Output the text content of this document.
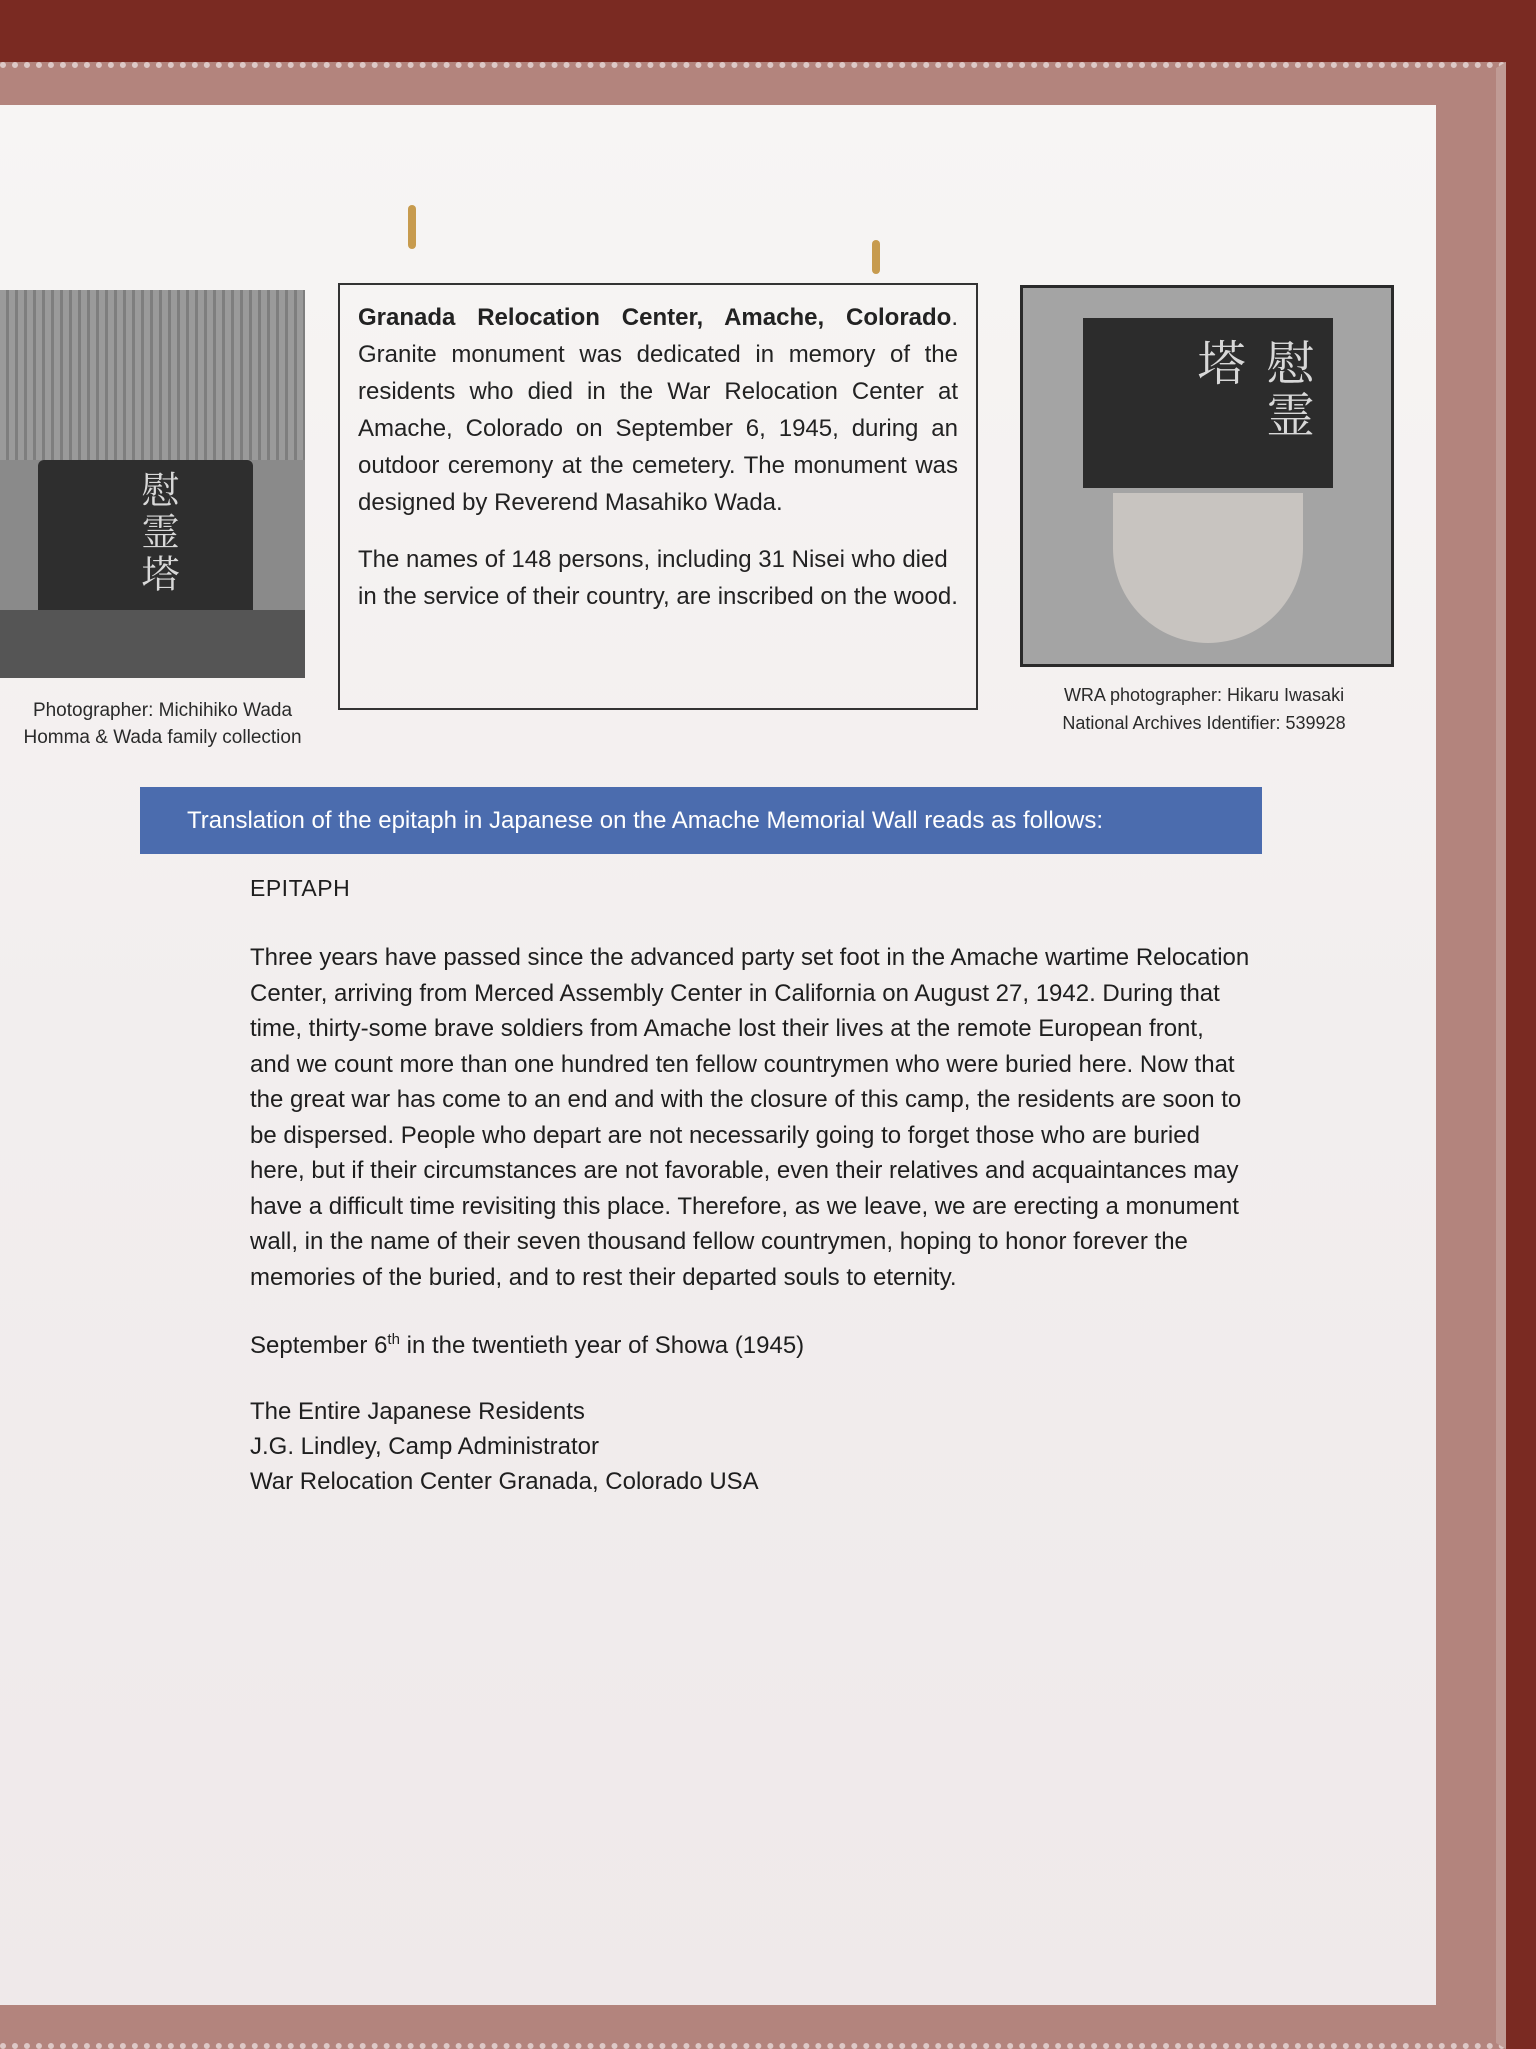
慰霊塔
Photographer: Michihiko Wada
Homma & Wada family collection

Granada Relocation Center, Amache, Colorado. Granite monument was dedicated in memory of the residents who died in the War Relocation Center at Amache, Colorado on September 6, 1945, during an outdoor ceremony at the cemetery. The monument was designed by Reverend Masahiko Wada.

The names of 148 persons, including 31 Nisei who died in the service of their country, are inscribed on the wood.

慰霊塔
WRA photographer: Hikaru Iwasaki
National Archives Identifier: 539928
Translation of the epitaph in Japanese on the Amache Memorial Wall reads as follows:
EPITAPH
Three years have passed since the advanced party set foot in the Amache wartime Relocation Center, arriving from Merced Assembly Center in California on August 27, 1942. During that time, thirty-some brave soldiers from Amache lost their lives at the remote European front, and we count more than one hundred ten fellow countrymen who were buried here. Now that the great war has come to an end and with the closure of this camp, the residents are soon to be dispersed. People who depart are not necessarily going to forget those who are buried here, but if their circumstances are not favorable, even their relatives and acquaintances may have a difficult time revisiting this place. Therefore, as we leave, we are erecting a monument wall, in the name of their seven thousand fellow countrymen, hoping to honor forever the memories of the buried, and to rest their departed souls to eternity.
September 6th in the twentieth year of Showa (1945)
The Entire Japanese Residents
J.G. Lindley, Camp Administrator
War Relocation Center Granada, Colorado USA
